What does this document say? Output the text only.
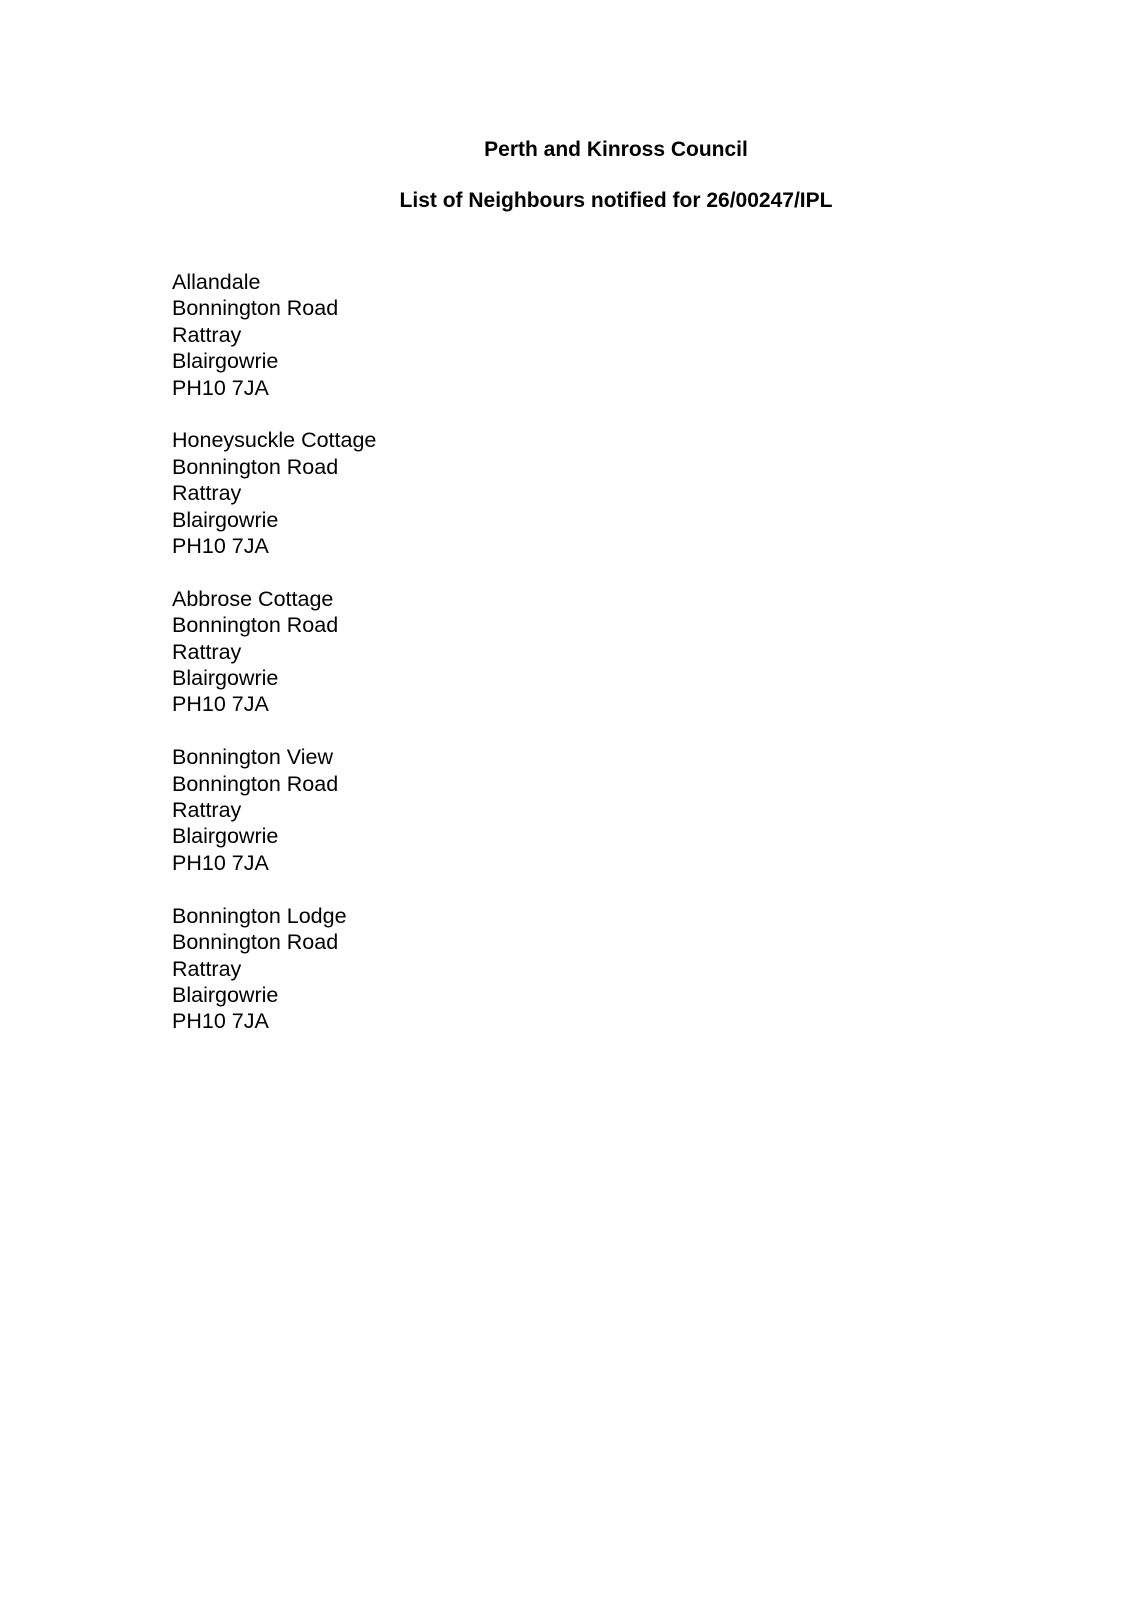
Perth and Kinross Council
List of Neighbours notified for 26/00247/IPL
Allandale
Bonnington Road
Rattray
Blairgowrie
PH10 7JA
Honeysuckle Cottage
Bonnington Road
Rattray
Blairgowrie
PH10 7JA
Abbrose Cottage
Bonnington Road
Rattray
Blairgowrie
PH10 7JA
Bonnington View
Bonnington Road
Rattray
Blairgowrie
PH10 7JA
Bonnington Lodge
Bonnington Road
Rattray
Blairgowrie
PH10 7JA
